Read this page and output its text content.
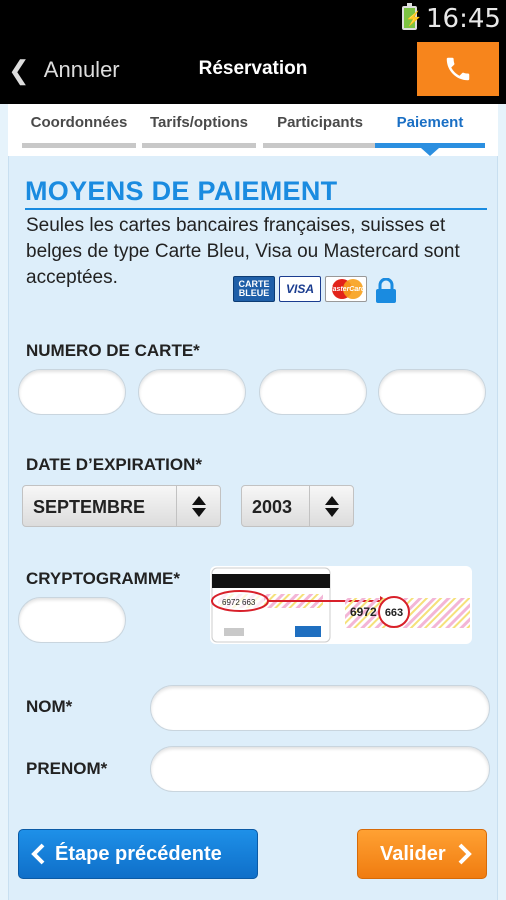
⚡ 16:45
❮ Annuler	Réservation
Coordonnées	Tarifs/options	Participants	Paiement
MOYENS DE PAIEMENT
Seules les cartes bancaires françaises, suisses et belges de type Carte Bleu, Visa ou Mastercard sont acceptées.	CARTE BLEUE	VISA	MasterCard
NUMERO DE CARTE*
DATE D’EXPIRATION*
SEPTEMBRE	2003
CRYPTOGRAMME*
6972 663
6972 663
NOM*
PRENOM*
Étape précédente	Valider
